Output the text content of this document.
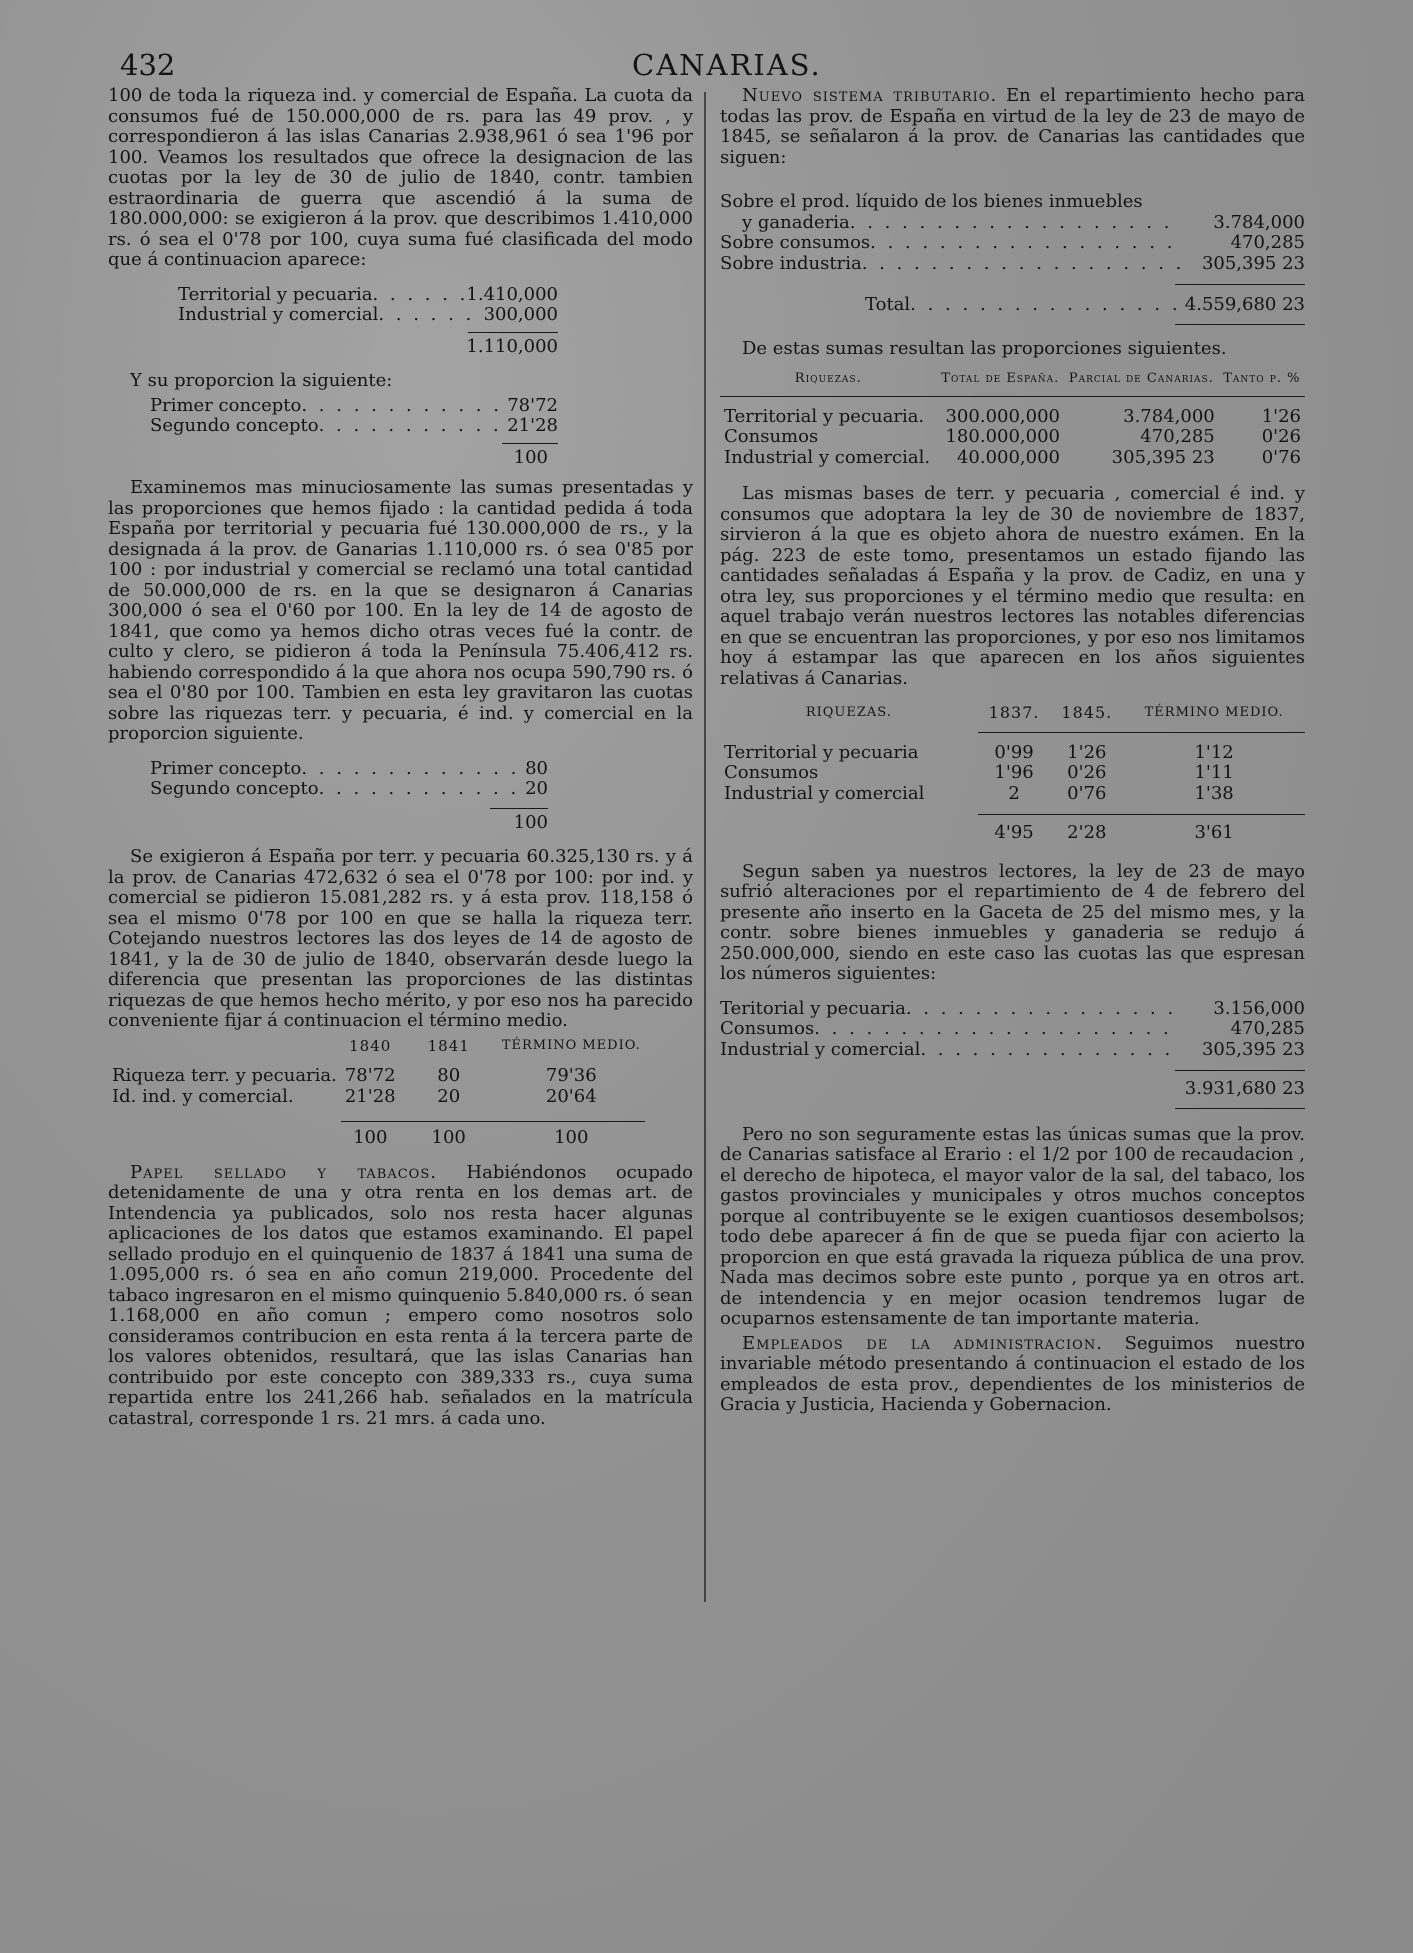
432	CANARIAS.

100 de toda la riqueza ind. y comercial de España. La cuota da consumos fué de 150.000,000 de rs. para las 49 prov. , y correspondieron á las islas Canarias 2.938,961 ó sea 1'96 por 100. Veamos los resultados que ofrece la designacion de las cuotas por la ley de 30 de julio de 1840, contr. tambien estraordinaria de guerra que ascendió á la suma de 180.000,000: se exigieron á la prov. que describimos 1.410,000 rs. ó sea el 0'78 por 100, cuya suma fué clasificada del modo que á continuacion aparece:

Territorial y pecuaria . . .	1.410,000
Industrial y comercial . . .	300,000
1.110,000

Y su proporcion la siguiente:

Primer concepto . . .	78'72
Segundo concepto . . .	21'28
100

Examinemos mas minuciosamente las sumas presentadas y las proporciones que hemos fijado : la cantidad pedida á toda España por territorial y pecuaria fué 130.000,000 de rs., y la designada á la prov. de Ganarias 1.110,000 rs. ó sea 0'85 por 100 : por industrial y comercial se reclamó una total cantidad de 50.000,000 de rs. en la que se designaron á Canarias 300,000 ó sea el 0'60 por 100. En la ley de 14 de agosto de 1841, que como ya hemos dicho otras veces fué la contr. de culto y clero, se pidieron á toda la Península 75.406,412 rs. habiendo correspondido á la que ahora nos ocupa 590,790 rs. ó sea el 0'80 por 100. Tambien en esta ley gravitaron las cuotas sobre las riquezas terr. y pecuaria, é ind. y comercial en la proporcion siguiente.

Primer concepto . . .	80
Segundo concepto . . .	20
100

Se exigieron á España por terr. y pecuaria 60.325,130 rs. y á la prov. de Canarias 472,632 ó sea el 0'78 por 100: por ind. y comercial se pidieron 15.081,282 rs. y á esta prov. 118,158 ó sea el mismo 0'78 por 100 en que se halla la riqueza terr. Cotejando nuestros lectores las dos leyes de 14 de agosto de 1841, y la de 30 de julio de 1840, observarán desde luego la diferencia que presentan las proporciones de las distintas riquezas de que hemos hecho mérito, y por eso nos ha parecido conveniente fijar á continuacion el término medio.

	1840	1841	TÉRMINO MEDIO.

Riqueza terr. y pecuaria.	78'72	80	79'36
Id. ind. y comercial.	21'28	20	20'64

	100	100	100

Papel sellado y tabacos. Habiéndonos ocupado detenidamente de una y otra renta en los demas art. de Intendencia ya publicados, solo nos resta hacer algunas aplicaciones de los datos que estamos examinando. El papel sellado produjo en el quinquenio de 1837 á 1841 una suma de 1.095,000 rs. ó sea en año comun 219,000. Procedente del tabaco ingresaron en el mismo quinquenio 5.840,000 rs. ó sean 1.168,000 en año comun ; empero como nosotros solo consideramos contribucion en esta renta á la tercera parte de los valores obtenidos, resultará, que las islas Canarias han contribuido por este concepto con 389,333 rs., cuya suma repartida entre los 241,266 hab. señalados en la matrícula catastral, corresponde 1 rs. 21 mrs. á cada uno.

Nuevo sistema tributario. En el repartimiento hecho para todas las prov. de España en virtud de la ley de 23 de mayo de 1845, se señalaron á la prov. de Canarias las cantidades que siguen:

Sobre el prod. líquido de los bienes inmuebles
y ganaderia . . .	3.784,000
Sobre consumos . . .	470,285
Sobre industria . . .	305,395 23
Total . . .	4.559,680 23

De estas sumas resultan las proporciones siguientes.

Riquezas.	Total de España.	Parcial de Canarias.	Tanto p. %

Territorial y pecuaria.	300.000,000	3.784,000	1'26
Consumos	180.000,000	470,285	0'26
Industrial y comercial.	40.000,000	305,395 23	0'76

Las mismas bases de terr. y pecuaria , comercial é ind. y consumos que adoptara la ley de 30 de noviembre de 1837, sirvieron á la que es objeto ahora de nuestro exámen. En la pág. 223 de este tomo, presentamos un estado fijando las cantidades señaladas á España y la prov. de Cadiz, en una y otra ley, sus proporciones y el término medio que resulta: en aquel trabajo verán nuestros lectores las notables diferencias en que se encuentran las proporciones, y por eso nos limitamos hoy á estampar las que aparecen en los años siguientes relativas á Canarias.

RIQUEZAS.	1837.	1845.	TÉRMINO MEDIO.

Territorial y pecuaria	0'99	1'26	1'12
Consumos	1'96	0'26	1'11
Industrial y comercial	2	0'76	1'38

	4'95	2'28	3'61

Segun saben ya nuestros lectores, la ley de 23 de mayo sufrió alteraciones por el repartimiento de 4 de febrero del presente año inserto en la Gaceta de 25 del mismo mes, y la contr. sobre bienes inmuebles y ganaderia se redujo á 250.000,000, siendo en este caso las cuotas las que espresan los números siguientes:

Teritorial y pecuaria . . .	3.156,000
Consumos . . .	470,285
Industrial y comercial . . .	305,395 23
3.931,680 23

Pero no son seguramente estas las únicas sumas que la prov. de Canarias satisface al Erario : el 1/2 por 100 de recaudacion , el derecho de hipoteca, el mayor valor de la sal, del tabaco, los gastos provinciales y municipales y otros muchos conceptos porque al contribuyente se le exigen cuantiosos desembolsos; todo debe aparecer á fin de que se pueda fijar con acierto la proporcion en que está gravada la riqueza pública de una prov. Nada mas decimos sobre este punto , porque ya en otros art. de intendencia y en mejor ocasion tendremos lugar de ocuparnos estensamente de tan importante materia.

Empleados de la administracion. Seguimos nuestro invariable método presentando á continuacion el estado de los empleados de esta prov., dependientes de los ministerios de Gracia y Justicia, Hacienda y Gobernacion.
